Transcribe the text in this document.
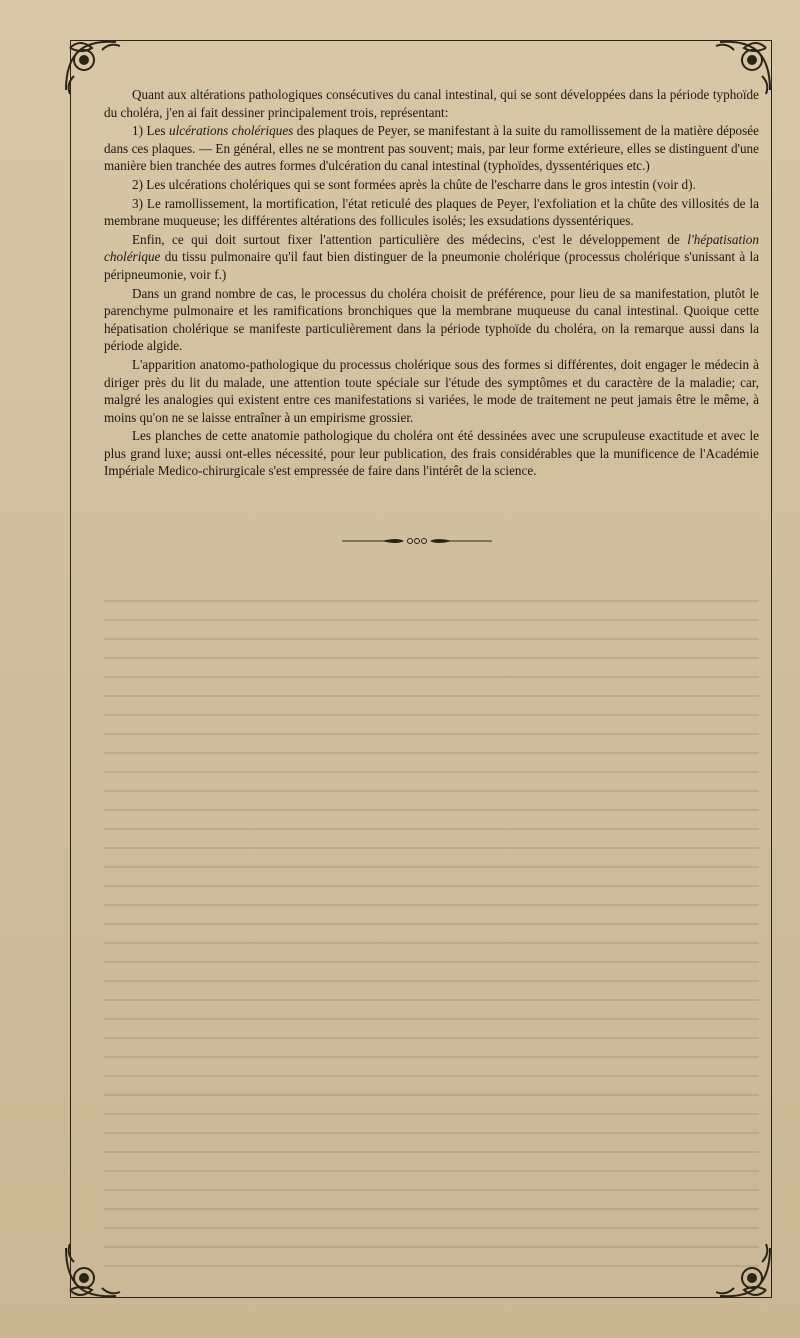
Quant aux altérations pathologiques consécutives du canal intestinal, qui se sont développées dans la période typhoïde du choléra, j'en ai fait dessiner principalement trois, représentant:

1) Les ulcérations cholériques des plaques de Peyer, se manifestant à la suite du ramollissement de la matière déposée dans ces plaques. — En général, elles ne se montrent pas souvent; mais, par leur forme extérieure, elles se distinguent d'une manière bien tranchée des autres formes d'ulcération du canal intestinal (typhoïdes, dyssentériques etc.)

2) Les ulcérations cholériques qui se sont formées après la chûte de l'escharre dans le gros intestin (voir d).

3) Le ramollissement, la mortification, l'état reticulé des plaques de Peyer, l'exfoliation et la chûte des villosités de la membrane muqueuse; les différentes altérations des follicules isolés; les exsudations dyssentériques.

Enfin, ce qui doit surtout fixer l'attention particulière des médecins, c'est le développement de l'hépatisation cholérique du tissu pulmonaire qu'il faut bien distinguer de la pneumonie cholérique (processus cholérique s'unissant à la péripneumonie, voir f.)

Dans un grand nombre de cas, le processus du choléra choisit de préférence, pour lieu de sa manifestation, plutôt le parenchyme pulmonaire et les ramifications bronchiques que la membrane muqueuse du canal intestinal. Quoique cette hépatisation cholérique se manifeste particulièrement dans la période typhoïde du choléra, on la remarque aussi dans la période algide.

L'apparition anatomo-pathologique du processus cholérique sous des formes si différentes, doit engager le médecin à diriger près du lit du malade, une attention toute spéciale sur l'étude des symptômes et du caractère de la maladie; car, malgré les analogies qui existent entre ces manifestations si variées, le mode de traitement ne peut jamais être le même, à moins qu'on ne se laisse entraîner à un empirisme grossier.

Les planches de cette anatomie pathologique du choléra ont été dessinées avec une scrupuleuse exactitude et avec le plus grand luxe; aussi ont-elles nécessité, pour leur publication, des frais considérables que la munificence de l'Académie Impériale Medico-chirurgicale s'est empressée de faire dans l'intérêt de la science.
